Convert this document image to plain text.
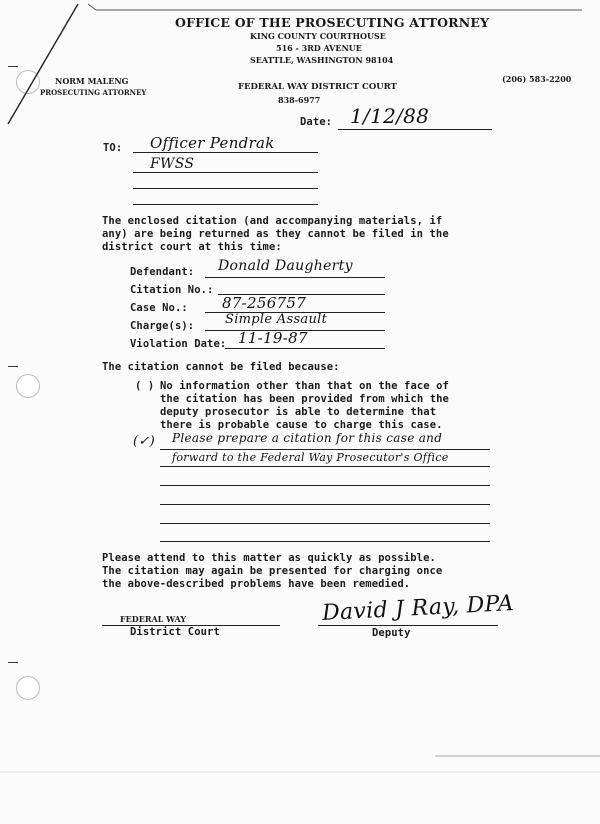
OFFICE OF THE PROSECUTING ATTORNEY
KING COUNTY COURTHOUSE
516 - 3RD AVENUE
SEATTLE, WASHINGTON 98104
NORM MALENG
PROSECUTING ATTORNEY
FEDERAL WAY DISTRICT COURT
838-6977
(206) 583-2200
Date: 1/12/88
TO: Officer Pendrak
FWSS
The enclosed citation (and accompanying materials, if
any) are being returned as they cannot be filed in the
district court at this time:
Defendant: Donald Daugherty
Citation No.:
Case No.: 87-256757
Charge(s): Simple Assault
Violation Date: 11-19-87
The citation cannot be filed because:
( ) No information other than that on the face of
the citation has been provided from which the
deputy prosecutor is able to determine that
there is probable cause to charge this case.
(✓) Please prepare a citation for this case and
forward to the Federal Way Prosecutor's Office
Please attend to this matter as quickly as possible.
The citation may again be presented for charging once
the above-described problems have been remedied.
FEDERAL WAY
District Court
David J Ray, DPA
Deputy
